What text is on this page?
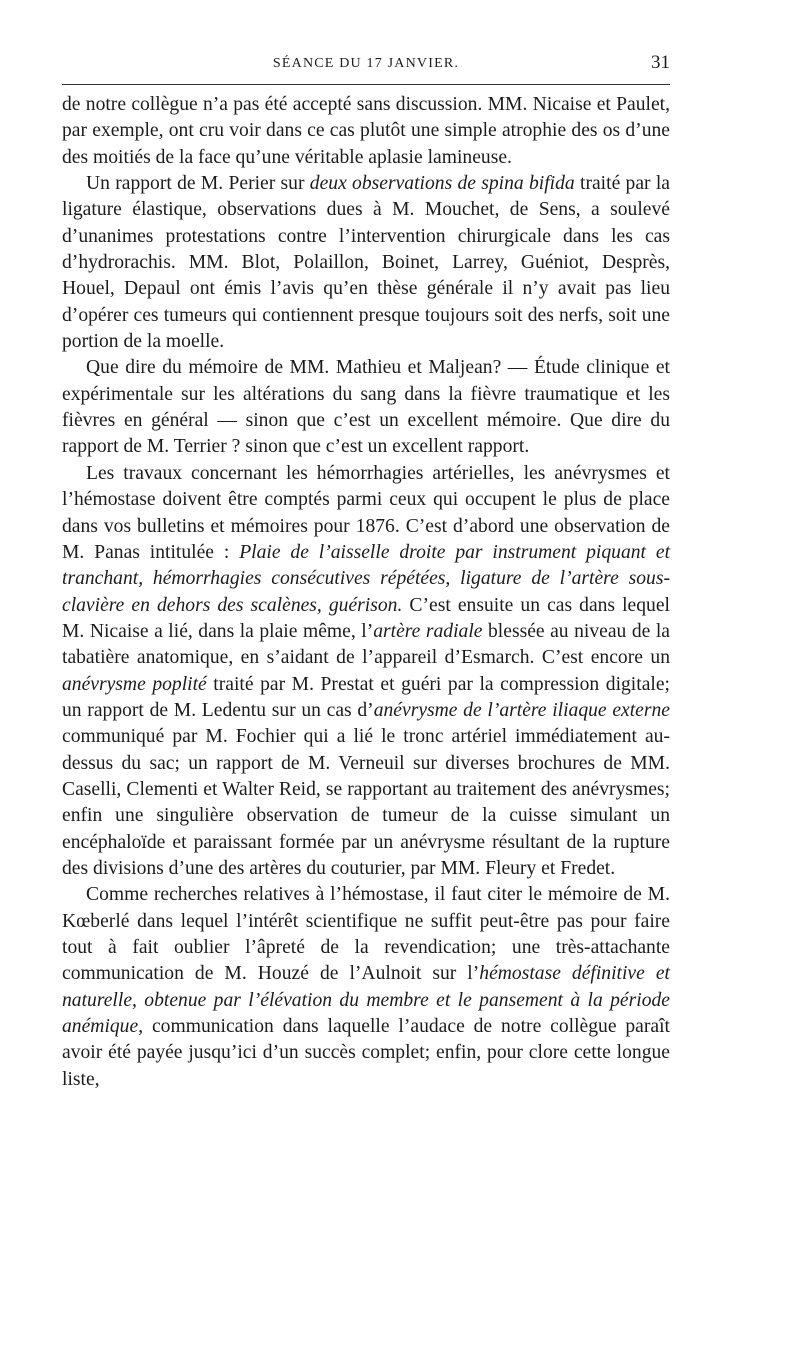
SÉANCE DU 17 JANVIER.	31

de notre collègue n’a pas été accepté sans discussion. MM. Nicaise et Paulet, par exemple, ont cru voir dans ce cas plutôt une simple atrophie des os d’une des moitiés de la face qu’une véritable aplasie lamineuse.

Un rapport de M. Perier sur deux observations de spina bifida traité par la ligature élastique, observations dues à M. Mouchet, de Sens, a soulevé d’unanimes protestations contre l’intervention chirurgicale dans les cas d’hydrorachis. MM. Blot, Polaillon, Boinet, Larrey, Guéniot, Desprès, Houel, Depaul ont émis l’avis qu’en thèse générale il n’y avait pas lieu d’opérer ces tumeurs qui contiennent presque toujours soit des nerfs, soit une portion de la moelle.

Que dire du mémoire de MM. Mathieu et Maljean? — Étude clinique et expérimentale sur les altérations du sang dans la fièvre traumatique et les fièvres en général — sinon que c’est un excellent mémoire. Que dire du rapport de M. Terrier ? sinon que c’est un excellent rapport.

Les travaux concernant les hémorrhagies artérielles, les anévrysmes et l’hémostase doivent être comptés parmi ceux qui occupent le plus de place dans vos bulletins et mémoires pour 1876. C’est d’abord une observation de M. Panas intitulée : Plaie de l’aisselle droite par instrument piquant et tranchant, hémorrhagies consécutives répétées, ligature de l’artère sous-clavière en dehors des scalènes, guérison. C’est ensuite un cas dans lequel M. Nicaise a lié, dans la plaie même, l’artère radiale blessée au niveau de la tabatière anatomique, en s’aidant de l’appareil d’Esmarch. C’est encore un anévrysme poplité traité par M. Prestat et guéri par la compression digitale; un rapport de M. Ledentu sur un cas d’anévrysme de l’artère iliaque externe communiqué par M. Fochier qui a lié le tronc artériel immédiatement au-dessus du sac; un rapport de M. Verneuil sur diverses brochures de MM. Caselli, Clementi et Walter Reid, se rapportant au traitement des anévrysmes; enfin une singulière observation de tumeur de la cuisse simulant un encéphaloïde et paraissant formée par un anévrysme résultant de la rupture des divisions d’une des artères du couturier, par MM. Fleury et Fredet.

Comme recherches relatives à l’hémostase, il faut citer le mémoire de M. Kœberlé dans lequel l’intérêt scientifique ne suffit peut-être pas pour faire tout à fait oublier l’âpreté de la revendication; une très-attachante communication de M. Houzé de l’Aulnoit sur l’hémostase définitive et naturelle, obtenue par l’élévation du membre et le pansement à la période anémique, communication dans laquelle l’audace de notre collègue paraît avoir été payée jusqu’ici d’un succès complet; enfin, pour clore cette longue liste,
